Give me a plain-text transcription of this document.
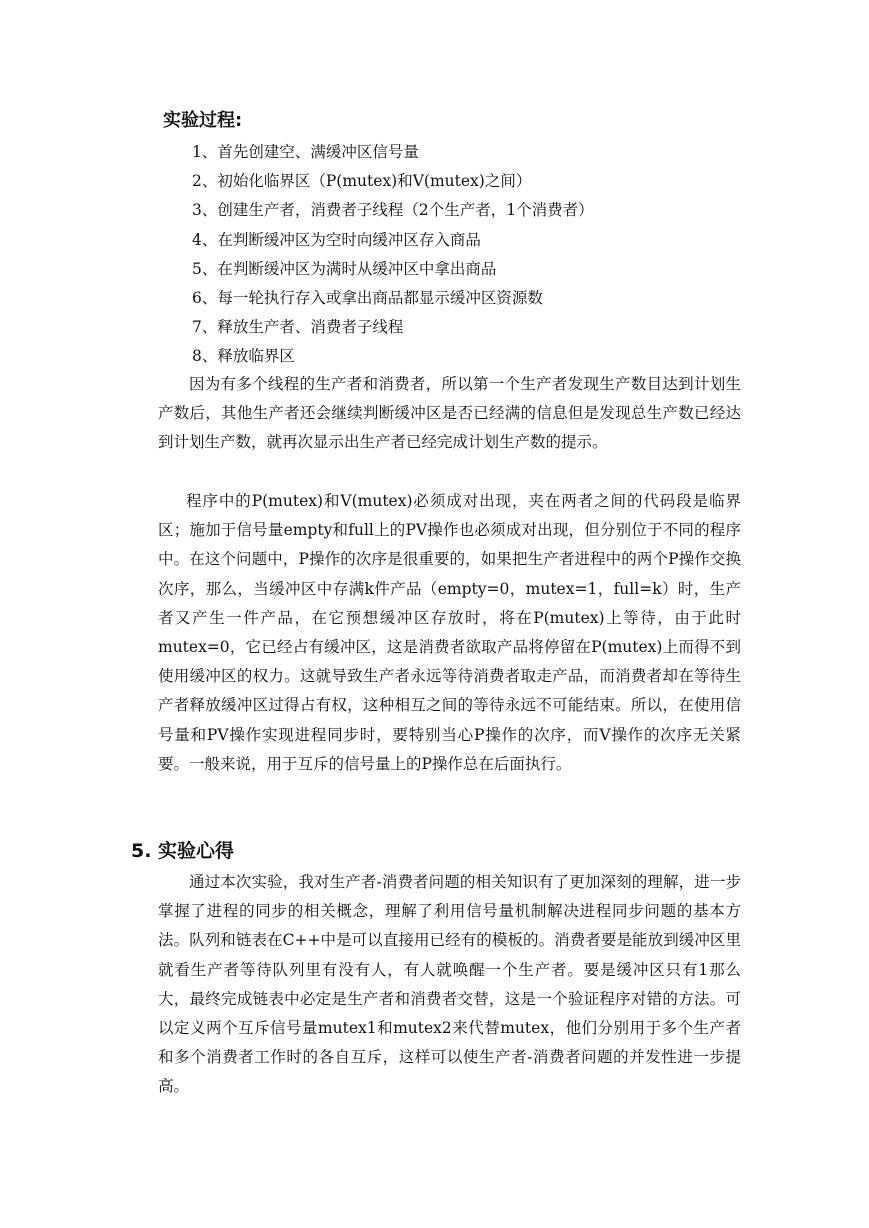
实验过程:
1、首先创建空、满缓冲区信号量
2、初始化临界区（P(mutex)和V(mutex)之间）
3、创建生产者，消费者子线程（2个生产者，1个消费者）
4、在判断缓冲区为空时向缓冲区存入商品
5、在判断缓冲区为满时从缓冲区中拿出商品
6、每一轮执行存入或拿出商品都显示缓冲区资源数
7、释放生产者、消费者子线程
8、释放临界区

因为有多个线程的生产者和消费者，所以第一个生产者发现生产数目达到计划生产数后，其他生产者还会继续判断缓冲区是否已经满的信息但是发现总生产数已经达到计划生产数，就再次显示出生产者已经完成计划生产数的提示。

程序中的P(mutex)和V(mutex)必须成对出现，夹在两者之间的代码段是临界区；施加于信号量empty和full上的PV操作也必须成对出现，但分别位于不同的程序中。在这个问题中，P操作的次序是很重要的，如果把生产者进程中的两个P操作交换次序，那么，当缓冲区中存满k件产品（empty=0，mutex=1，full=k）时，生产者又产生一件产品，在它预想缓冲区存放时，将在P(mutex)上等待，由于此时mutex=0，它已经占有缓冲区，这是消费者欲取产品将停留在P(mutex)上而得不到使用缓冲区的权力。这就导致生产者永远等待消费者取走产品，而消费者却在等待生产者释放缓冲区过得占有权，这种相互之间的等待永远不可能结束。所以，在使用信号量和PV操作实现进程同步时，要特别当心P操作的次序，而V操作的次序无关紧要。一般来说，用于互斥的信号量上的P操作总在后面执行。

5. 实验心得

通过本次实验，我对生产者-消费者问题的相关知识有了更加深刻的理解，进一步掌握了进程的同步的相关概念，理解了利用信号量机制解决进程同步问题的基本方法。队列和链表在C++中是可以直接用已经有的模板的。消费者要是能放到缓冲区里就看生产者等待队列里有没有人，有人就唤醒一个生产者。要是缓冲区只有1那么大，最终完成链表中必定是生产者和消费者交替，这是一个验证程序对错的方法。可以定义两个互斥信号量mutex1和mutex2来代替mutex，他们分别用于多个生产者和多个消费者工作时的各自互斥，这样可以使生产者-消费者问题的并发性进一步提高。
